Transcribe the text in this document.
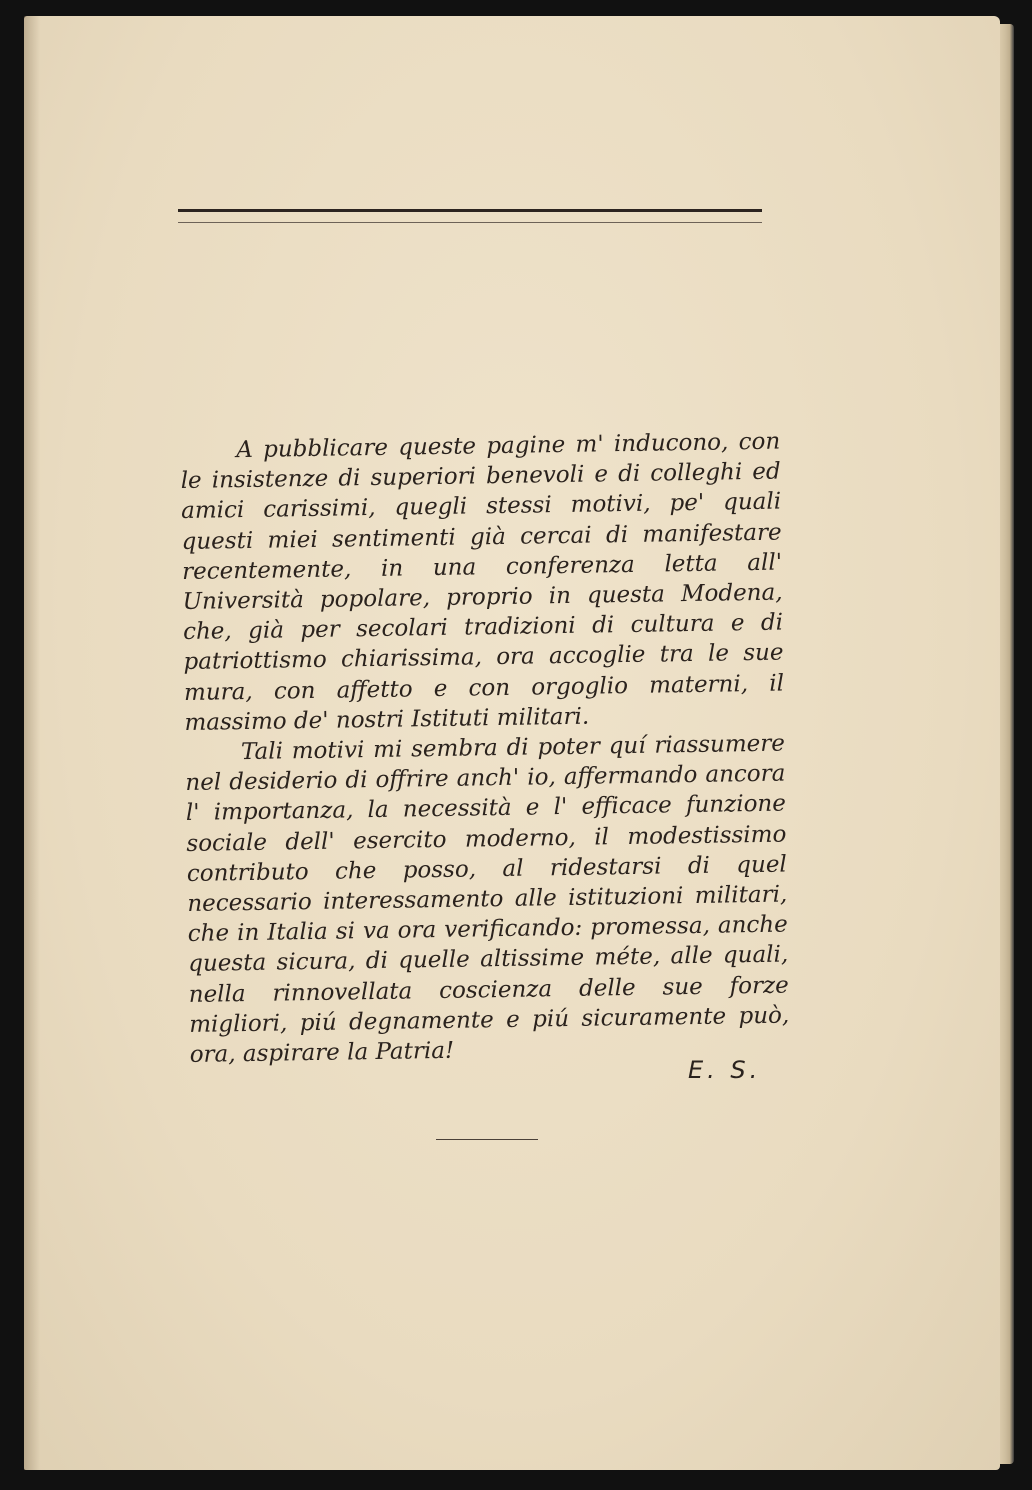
A pubblicare queste pagine m' inducono, con le insistenze di superiori benevoli e di colleghi ed amici carissimi, quegli stessi motivi, pe' quali questi miei sentimenti già cercai di manifestare recentemente, in una conferenza letta all' Università popolare, proprio in questa Modena, che, già per secolari tradizioni di cultura e di patriottismo chiarissima, ora accoglie tra le sue mura, con affetto e con orgoglio materni, il massimo de' nostri Istituti militari.

Tali motivi mi sembra di poter quí riassumere nel desiderio di offrire anch' io, affermando ancora l' importanza, la necessità e l' efficace funzione sociale dell' esercito moderno, il modestissimo contributo che posso, al ridestarsi di quel necessario interessamento alle istituzioni militari, che in Italia si va ora verificando: promessa, anche questa sicura, di quelle altissime méte, alle quali, nella rinnovellata coscienza delle sue forze migliori, piú degnamente e piú sicuramente può, ora, aspirare la Patria!

E. S.
